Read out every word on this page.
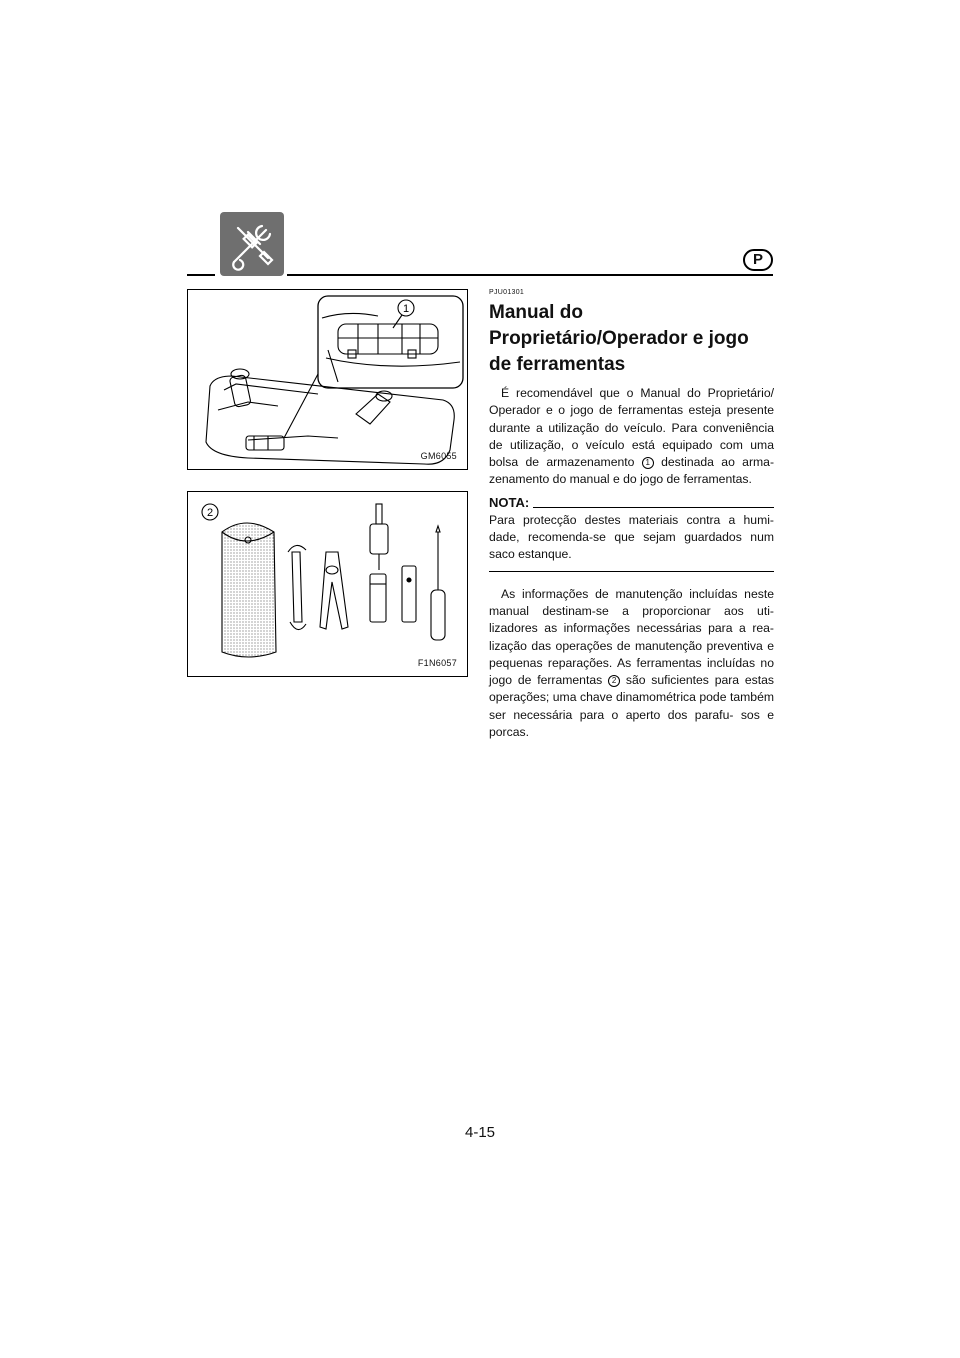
P
1
GM6055
2
F1N6057
PJU01301
Manual do Proprietário/Operador e jogo de ferramentas

É recomendável que o Manual do Proprietário/ Operador e o jogo de ferramentas esteja presente durante a utilização do veículo. Para conveniência de utilização, o veículo está equipado com uma bolsa de armazenamento 1 destinada ao arma- zenamento do manual e do jogo de ferramentas.

NOTA:

Para protecção destes materiais contra a humi- dade, recomenda-se que sejam guardados num saco estanque.

As informações de manutenção incluídas neste manual destinam-se a proporcionar aos uti- lizadores as informações necessárias para a rea- lização das operações de manutenção preventiva e pequenas reparações. As ferramentas incluídas no jogo de ferramentas 2 são suficientes para estas operações; uma chave dinamométrica pode também ser necessária para o aperto dos parafu- sos e porcas.

4-15
